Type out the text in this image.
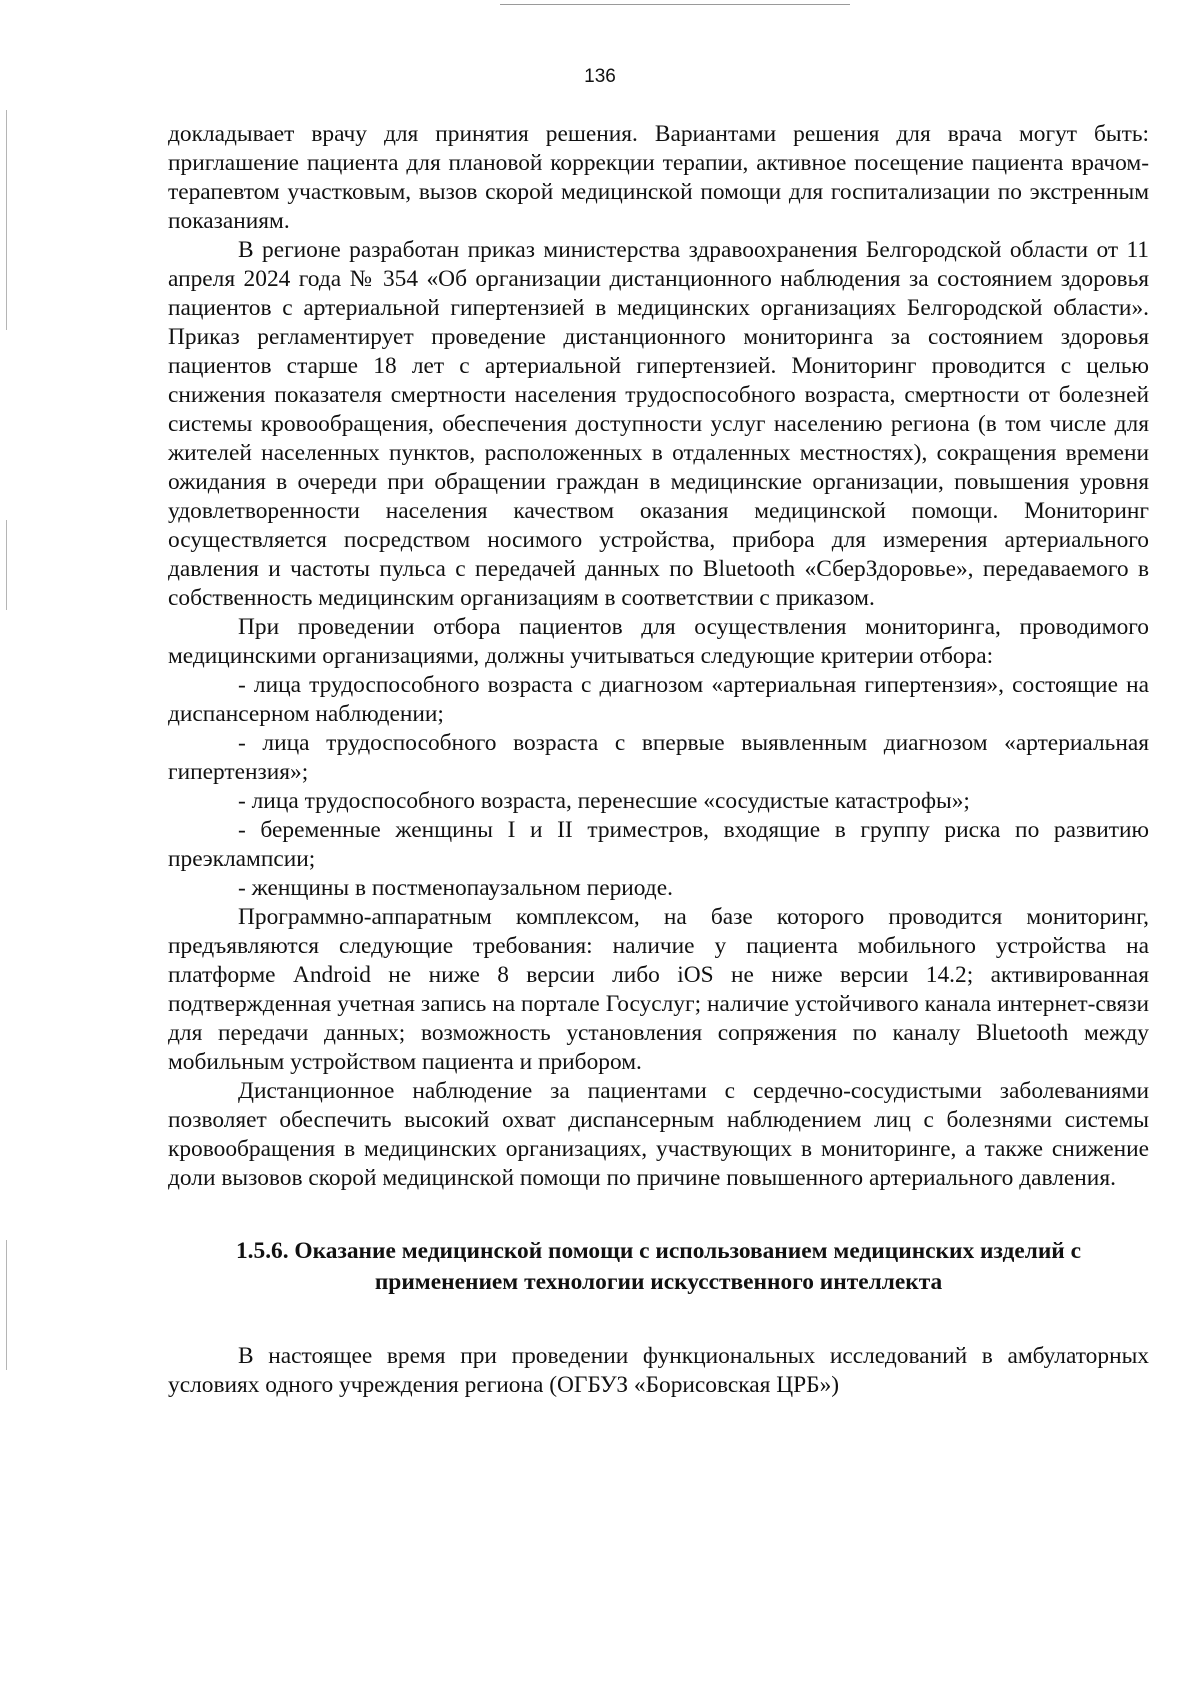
136

докладывает врачу для принятия решения. Вариантами решения для врача могут быть: приглашение пациента для плановой коррекции терапии, активное посещение пациента врачом-терапевтом участковым, вызов скорой медицинской помощи для госпитализации по экстренным показаниям.

В регионе разработан приказ министерства здравоохранения Белгородской области от 11 апреля 2024 года № 354 «Об организации дистанционного наблюдения за состоянием здоровья пациентов с артериальной гипертензией в медицинских организациях Белгородской области». Приказ регламентирует проведение дистанционного мониторинга за состоянием здоровья пациентов старше 18 лет с артериальной гипертензией. Мониторинг проводится с целью снижения показателя смертности населения трудоспособного возраста, смертности от болезней системы кровообращения, обеспечения доступности услуг населению региона (в том числе для жителей населенных пунктов, расположенных в отдаленных местностях), сокращения времени ожидания в очереди при обращении граждан в медицинские организации, повышения уровня удовлетворенности населения качеством оказания медицинской помощи. Мониторинг осуществляется посредством носимого устройства, прибора для измерения артериального давления и частоты пульса с передачей данных по Bluetooth «СберЗдоровье», передаваемого в собственность медицинским организациям в соответствии с приказом.

При проведении отбора пациентов для осуществления мониторинга, проводимого медицинскими организациями, должны учитываться следующие критерии отбора:

- лица трудоспособного возраста с диагнозом «артериальная гипертензия», состоящие на диспансерном наблюдении;

- лица трудоспособного возраста с впервые выявленным диагнозом «артериальная гипертензия»;

- лица трудоспособного возраста, перенесшие «сосудистые катастрофы»;

- беременные женщины I и II триместров, входящие в группу риска по развитию преэклампсии;

- женщины в постменопаузальном периоде.

Программно-аппаратным комплексом, на базе которого проводится мониторинг, предъявляются следующие требования: наличие у пациента мобильного устройства на платформе Android не ниже 8 версии либо iOS не ниже версии 14.2; активированная подтвержденная учетная запись на портале Госуслуг; наличие устойчивого канала интернет-связи для передачи данных; возможность установления сопряжения по каналу Bluetooth между мобильным устройством пациента и прибором.

Дистанционное наблюдение за пациентами с сердечно-сосудистыми заболеваниями позволяет обеспечить высокий охват диспансерным наблюдением лиц с болезнями системы кровообращения в медицинских организациях, участвующих в мониторинге, а также снижение доли вызовов скорой медицинской помощи по причине повышенного артериального давления.

1.5.6. Оказание медицинской помощи с использованием медицинских изделий с применением технологии искусственного интеллекта

В настоящее время при проведении функциональных исследований в амбулаторных условиях одного учреждения региона (ОГБУЗ «Борисовская ЦРБ»)
